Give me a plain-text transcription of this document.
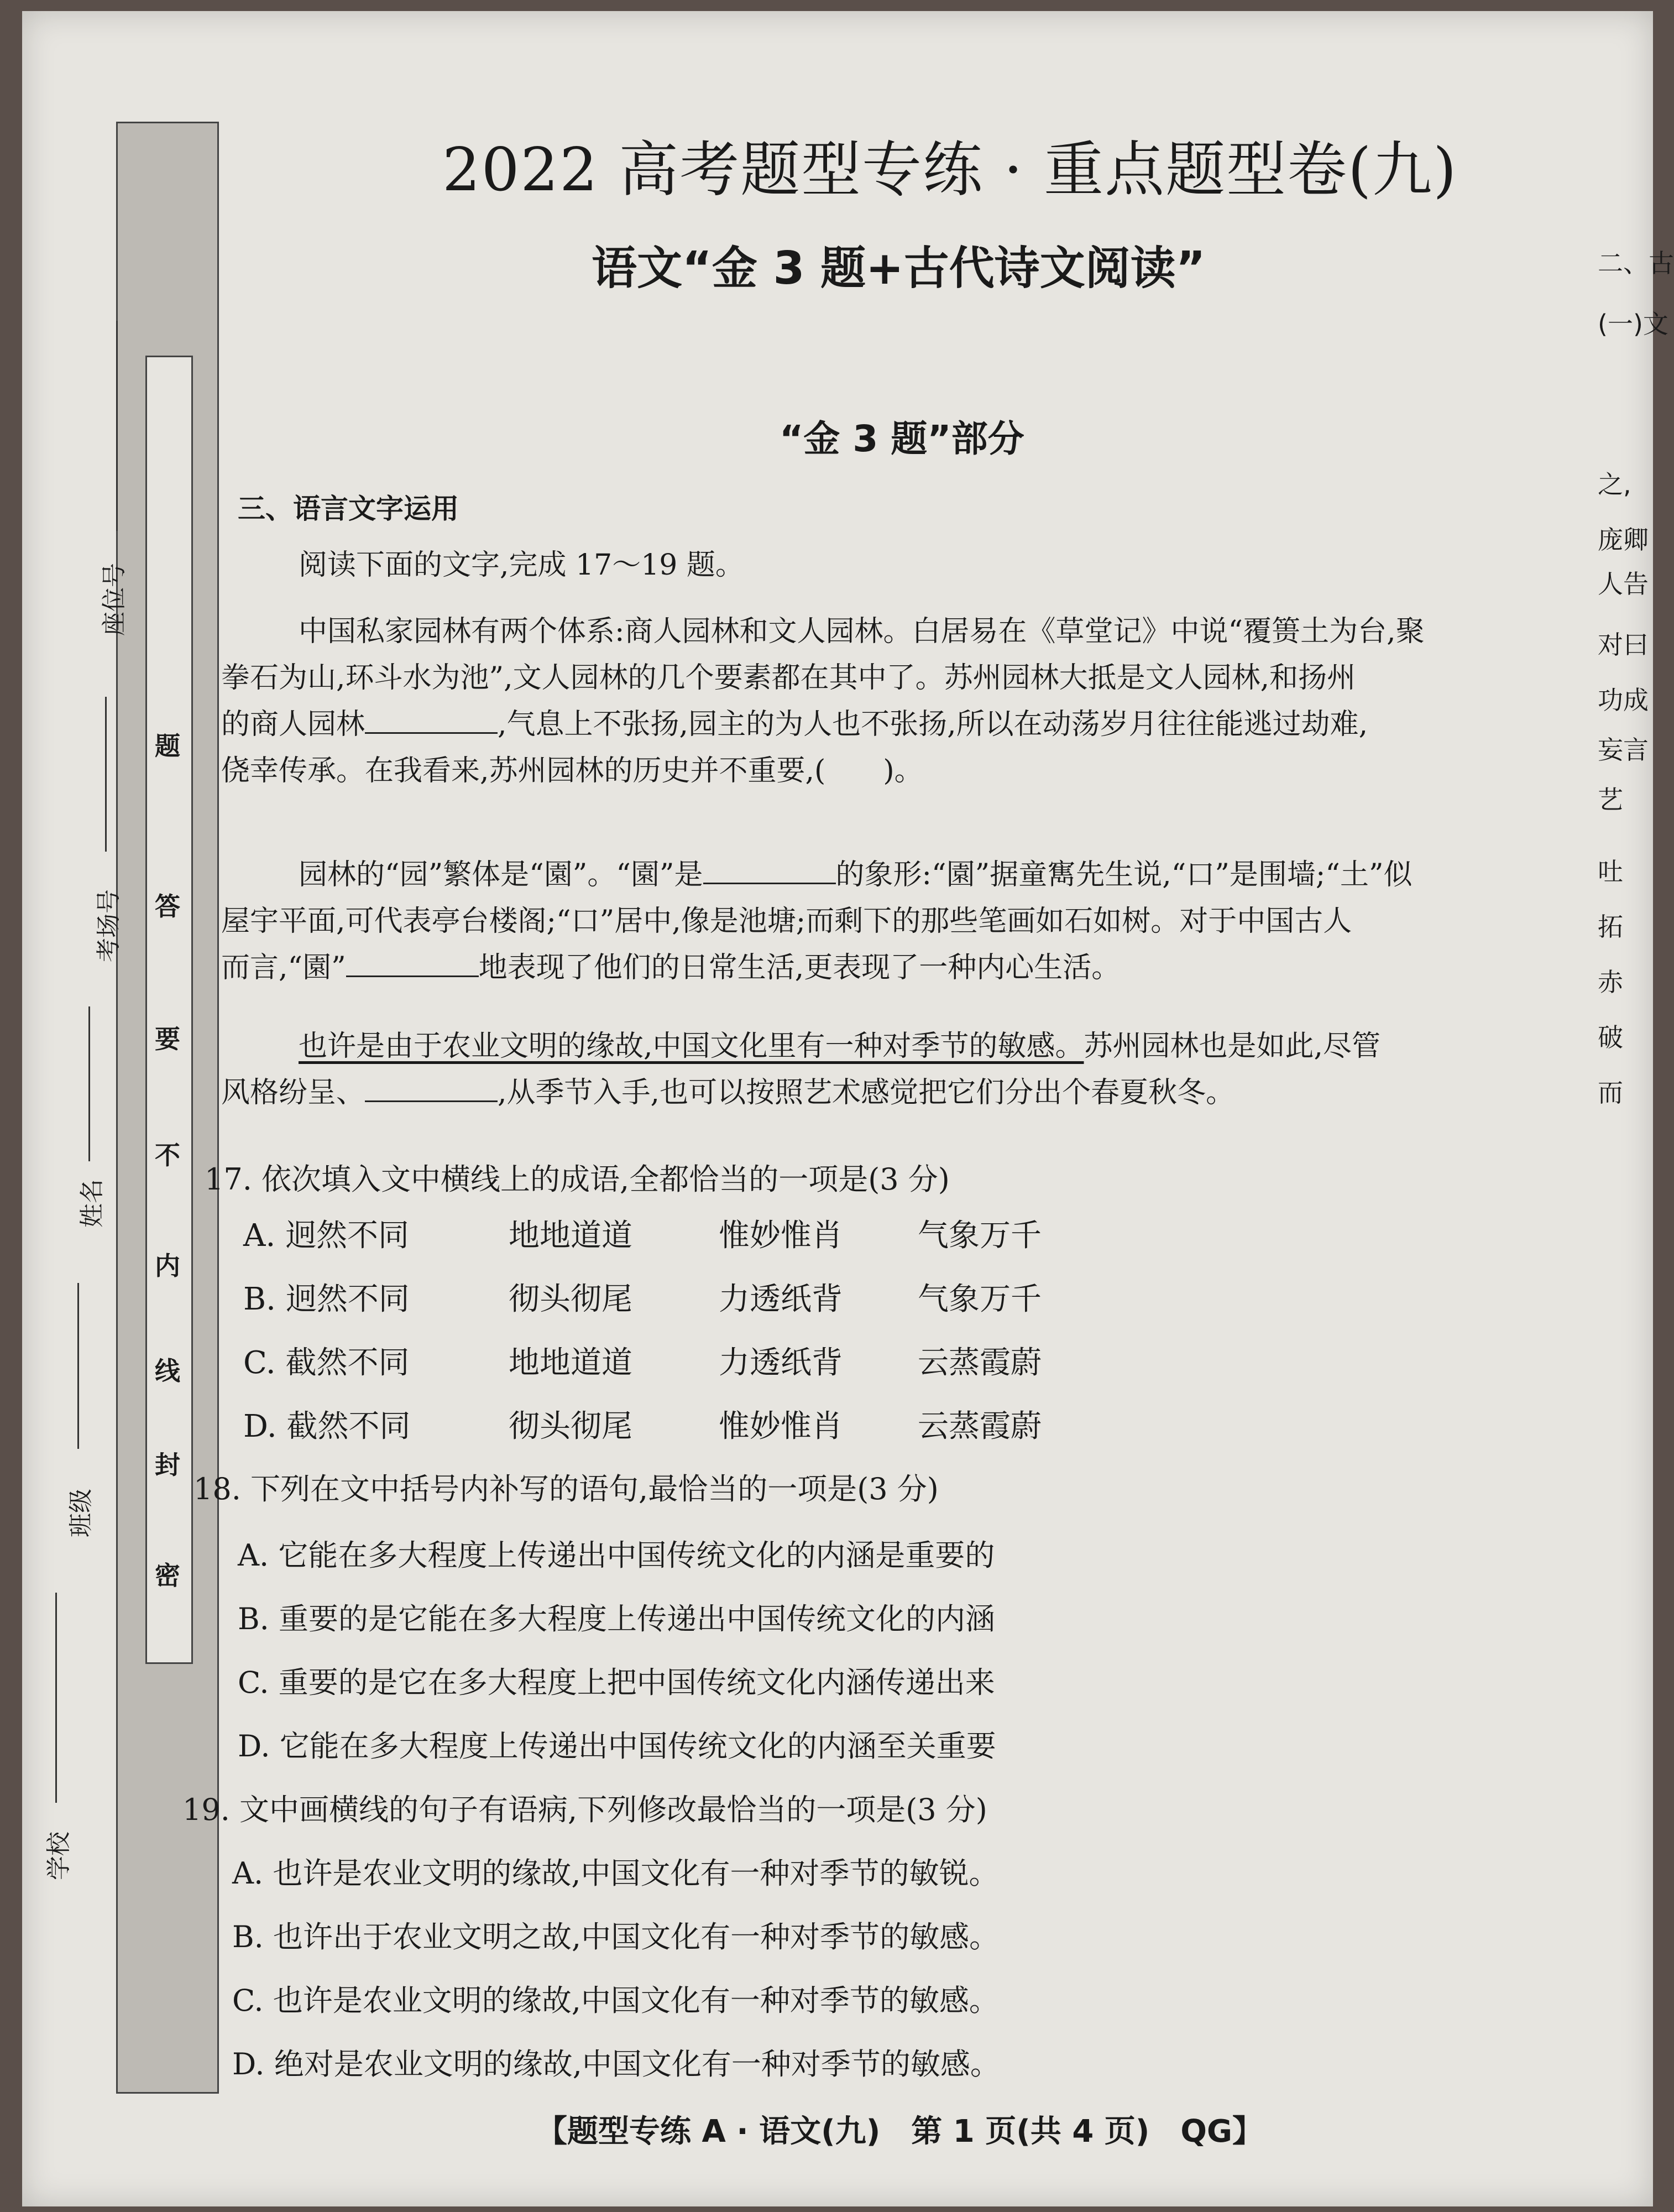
题
答
要
不
内
线
封
密
座位号
考场号
姓名
班级
学校
2022 高考题型专练 · 重点题型卷(九)
语文“金 3 题+古代诗文阅读”
“金 3 题”部分
三、语言文字运用
阅读下面的文字,完成 17～19 题。
中国私家园林有两个体系:商人园林和文人园林。白居易在《草堂记》中说“覆篑土为台,聚
拳石为山,环斗水为池”,文人园林的几个要素都在其中了。苏州园林大抵是文人园林,和扬州
的商人园林	,气息上不张扬,园主的为人也不张扬,所以在动荡岁月往往能逃过劫难,
侥幸传承。在我看来,苏州园林的历史并不重要,(　　)。
园林的“园”繁体是“園”。“園”是	的象形:“園”据童寯先生说,“口”是围墙;“土”似
屋宇平面,可代表亭台楼阁;“口”居中,像是池塘;而剩下的那些笔画如石如树。对于中国古人
而言,“園”	地表现了他们的日常生活,更表现了一种内心生活。
也许是由于农业文明的缘故,中国文化里有一种对季节的敏感。苏州园林也是如此,尽管
风格纷呈、	,从季节入手,也可以按照艺术感觉把它们分出个春夏秋冬。
17. 依次填入文中横线上的成语,全都恰当的一项是(3 分)
A. 迥然不同	地地道道	惟妙惟肖 气象万千
B. 迥然不同	彻头彻尾	力透纸背 气象万千
C. 截然不同	地地道道	力透纸背 云蒸霞蔚
D. 截然不同	彻头彻尾	惟妙惟肖 云蒸霞蔚
18. 下列在文中括号内补写的语句,最恰当的一项是(3 分)
A. 它能在多大程度上传递出中国传统文化的内涵是重要的
B. 重要的是它能在多大程度上传递出中国传统文化的内涵
C. 重要的是它在多大程度上把中国传统文化内涵传递出来
D. 它能在多大程度上传递出中国传统文化的内涵至关重要
19. 文中画横线的句子有语病,下列修改最恰当的一项是(3 分)
A. 也许是农业文明的缘故,中国文化有一种对季节的敏锐。
B. 也许出于农业文明之故,中国文化有一种对季节的敏感。
C. 也许是农业文明的缘故,中国文化有一种对季节的敏感。
D. 绝对是农业文明的缘故,中国文化有一种对季节的敏感。
【题型专练 A · 语文(九)　第 1 页(共 4 页)　QG】
二、古
(一)文
之,
庞卿
人告
对曰
功成
妄言
艺
吐
拓
赤
破
而
